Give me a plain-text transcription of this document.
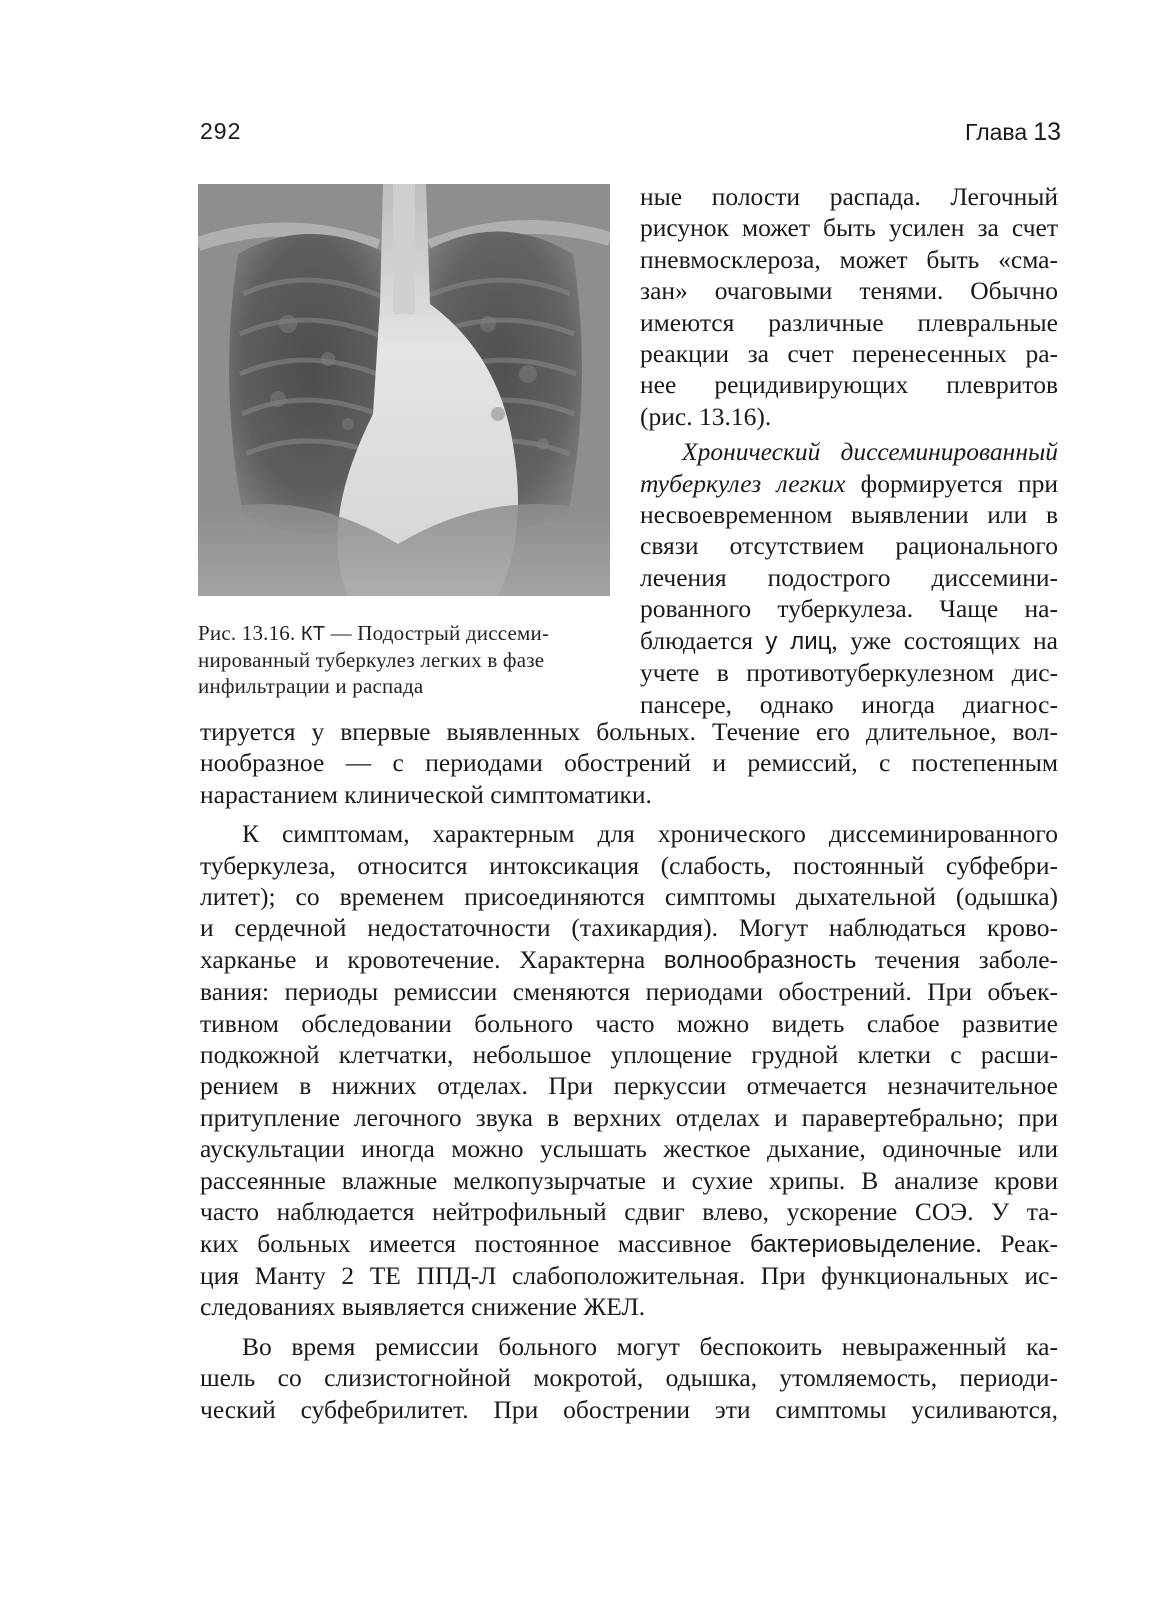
292	Глава 13
Рис. 13.16. КТ — Подострый диссеми-
нированный туберкулез легких в фазе
инфильтрации и распада
ные полости распада. Легочный
рисунок может быть усилен за счет
пневмосклероза, может быть «сма-
зан» очаговыми тенями. Обычно
имеются различные плевральные
реакции за счет перенесенных ра-
нее рецидивирующих плевритов
(рис. 13.16).
Хронический диссеминированный
туберкулез легких формируется при
несвоевременном выявлении или в
связи отсутствием рационального
лечения подострого диссемини-
рованного туберкулеза. Чаще на-
блюдается у лиц, уже состоящих на
учете в противотуберкулезном дис-
пансере, однако иногда диагнос-
тируется у впервые выявленных больных. Течение его длительное, вол-
нообразное — с периодами обострений и ремиссий, с постепенным
нарастанием клинической симптоматики.
К симптомам, характерным для хронического диссеминированного
туберкулеза, относится интоксикация (слабость, постоянный субфебри-
литет); со временем присоединяются симптомы дыхательной (одышка)
и сердечной недостаточности (тахикардия). Могут наблюдаться крово-
харканье и кровотечение. Характерна волнообразность течения заболе-
вания: периоды ремиссии сменяются периодами обострений. При объек-
тивном обследовании больного часто можно видеть слабое развитие
подкожной клетчатки, небольшое уплощение грудной клетки с расши-
рением в нижних отделах. При перкуссии отмечается незначительное
притупление легочного звука в верхних отделах и паравертебрально; при
аускультации иногда можно услышать жесткое дыхание, одиночные или
рассеянные влажные мелкопузырчатые и сухие хрипы. В анализе крови
часто наблюдается нейтрофильный сдвиг влево, ускорение СОЭ. У та-
ких больных имеется постоянное массивное бактериовыделение. Реак-
ция Манту 2 ТЕ ППД-Л слабоположительная. При функциональных ис-
следованиях выявляется снижение ЖЕЛ.
Во время ремиссии больного могут беспокоить невыраженный ка-
шель со слизистогнойной мокротой, одышка, утомляемость, периоди-
ческий субфебрилитет. При обострении эти симптомы усиливаются,
